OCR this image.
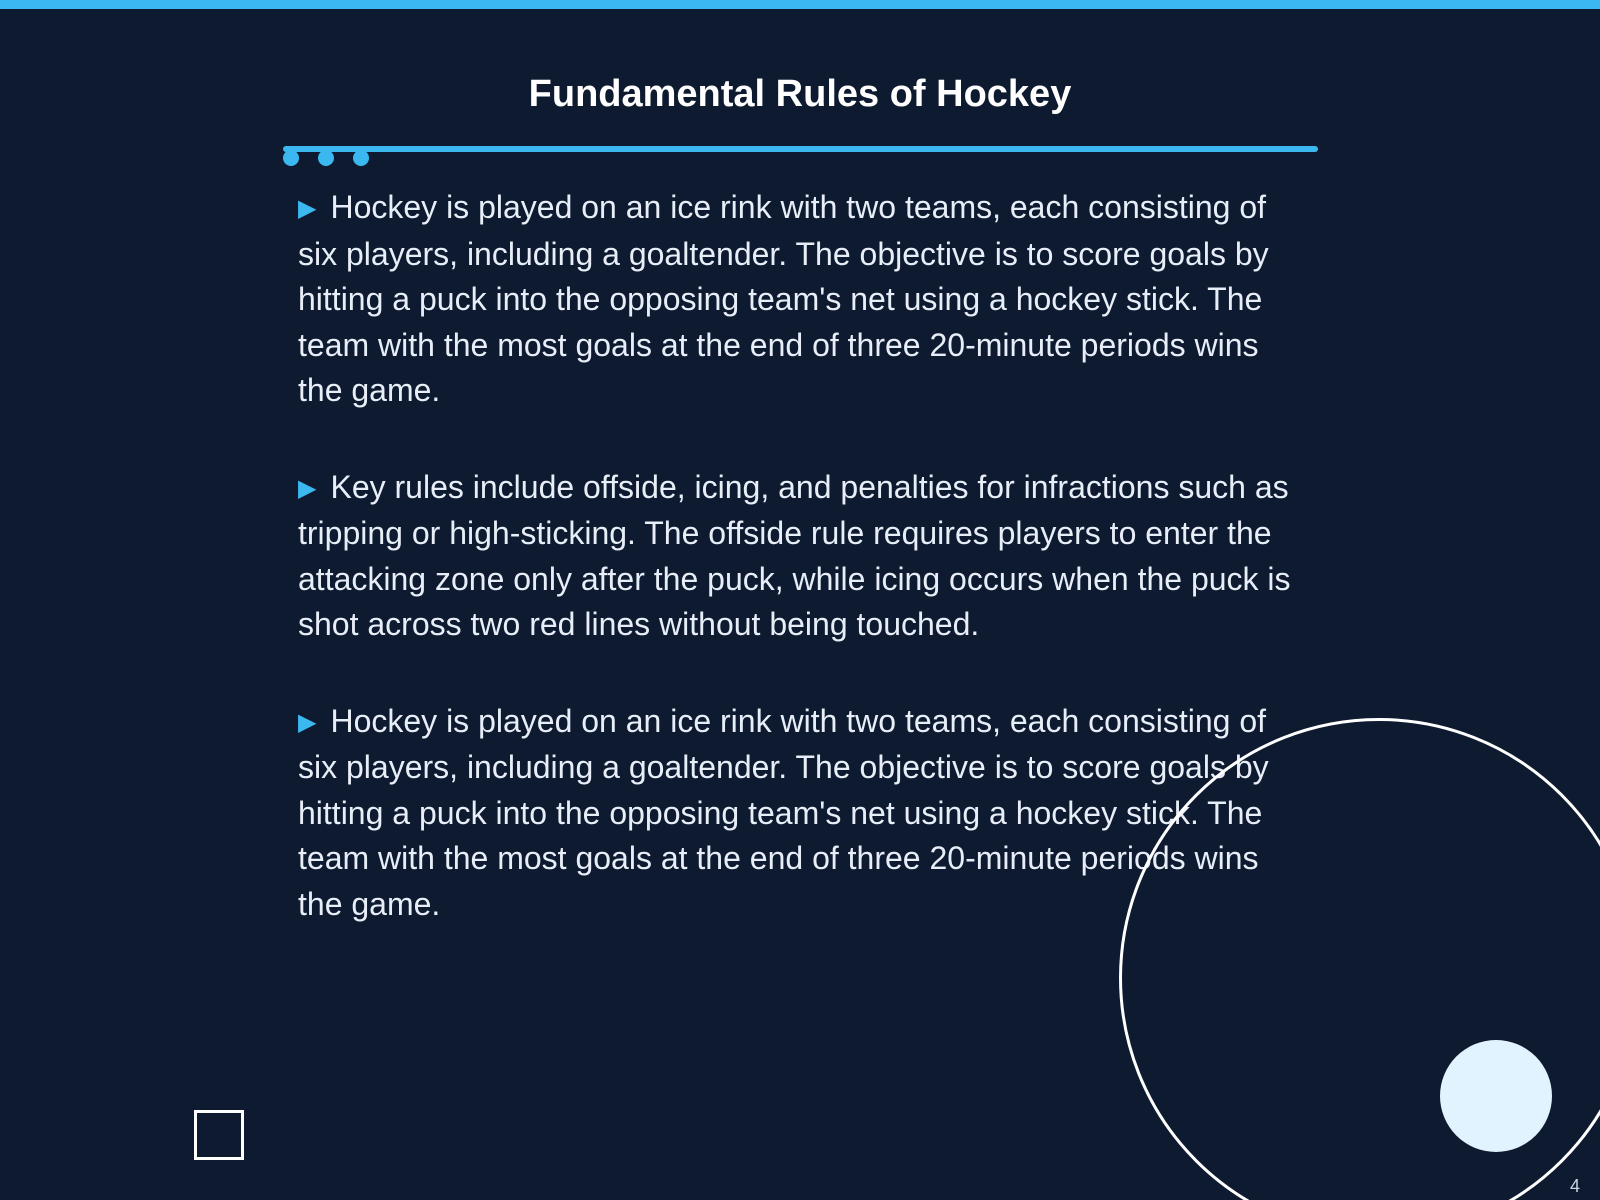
Fundamental Rules of Hockey
▶ Hockey is played on an ice rink with two teams, each consisting of six players, including a goaltender. The objective is to score goals by hitting a puck into the opposing team's net using a hockey stick. The team with the most goals at the end of three 20-minute periods wins the game.
▶ Key rules include offside, icing, and penalties for infractions such as tripping or high-sticking. The offside rule requires players to enter the attacking zone only after the puck, while icing occurs when the puck is shot across two red lines without being touched.
▶ Hockey is played on an ice rink with two teams, each consisting of six players, including a goaltender. The objective is to score goals by hitting a puck into the opposing team's net using a hockey stick. The team with the most goals at the end of three 20-minute periods wins the game.
4
